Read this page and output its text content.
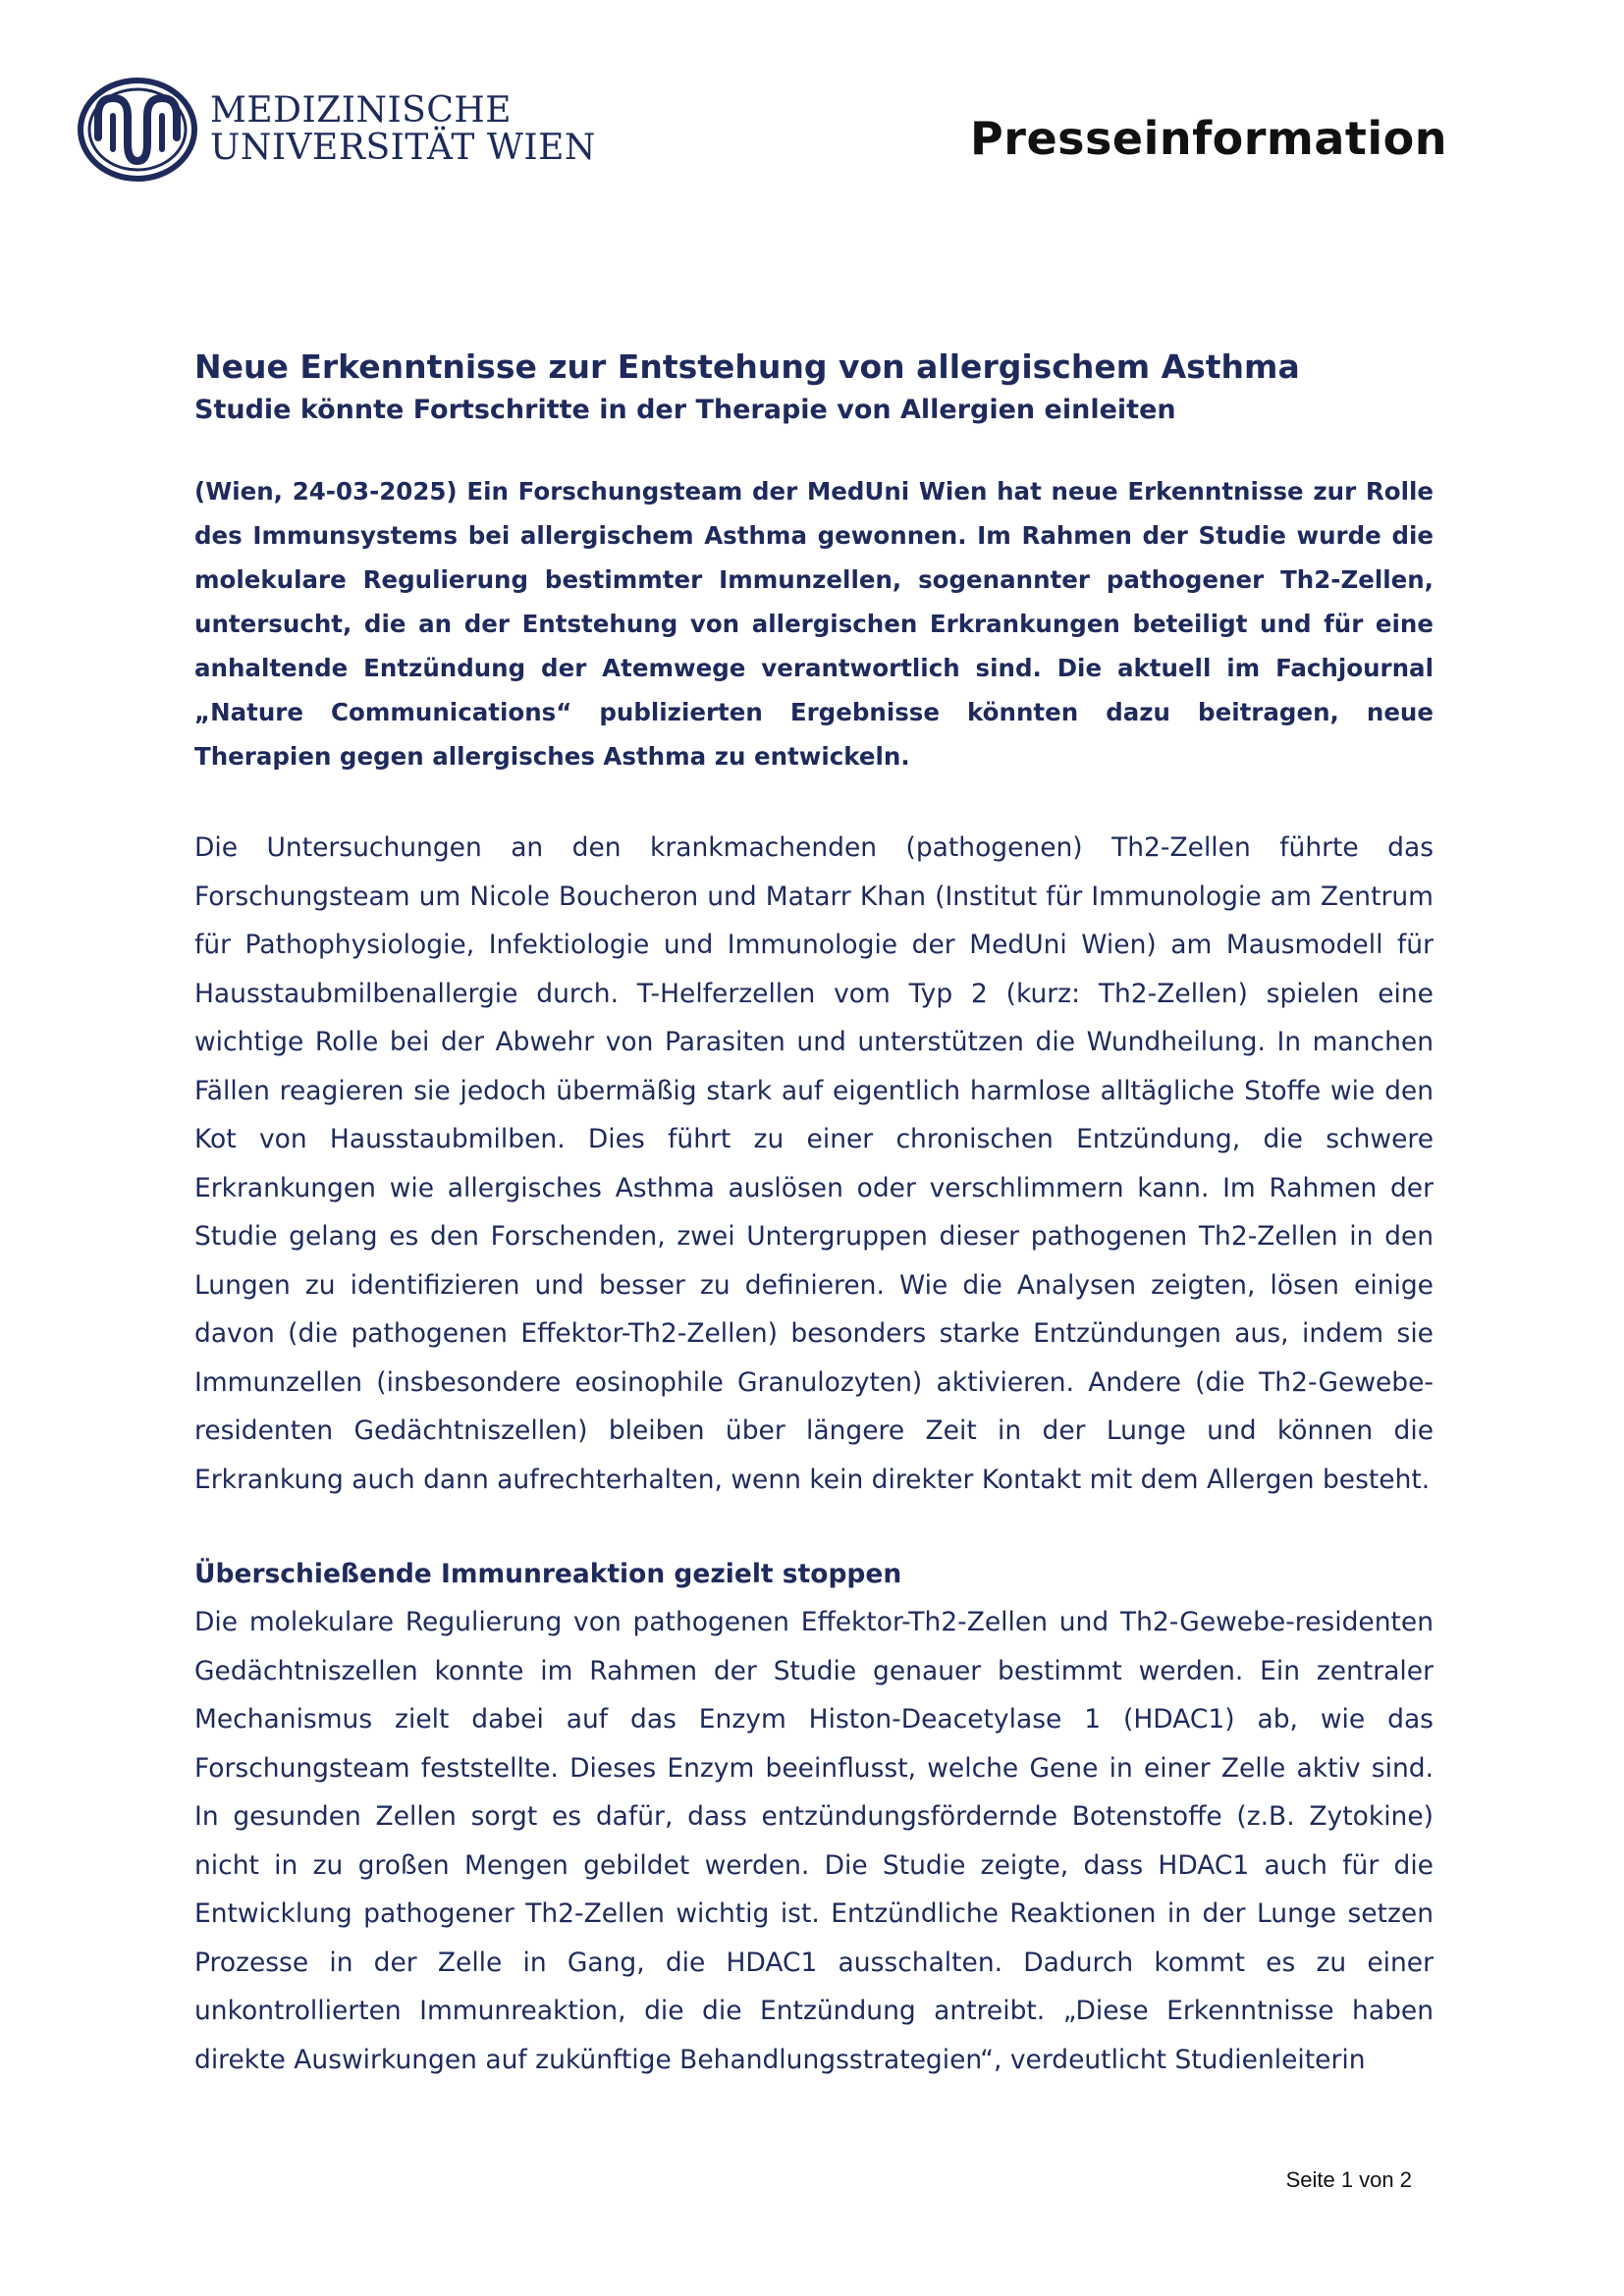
MEDIZINISCHE
UNIVERSITÄT WIEN	Presseinformation
Neue Erkenntnisse zur Entstehung von allergischem Asthma
Studie könnte Fortschritte in der Therapie von Allergien einleiten

(Wien, 24-03-2025) Ein Forschungsteam der MedUni Wien hat neue Erkenntnisse zur Rolle des Immunsystems bei allergischem Asthma gewonnen. Im Rahmen der Studie wurde die molekulare Regulierung bestimmter Immunzellen, sogenannter pathogener Th2-Zellen, untersucht, die an der Entstehung von allergischen Erkrankungen beteiligt und für eine anhaltende Entzündung der Atemwege verantwortlich sind. Die aktuell im Fachjournal „Nature Communications“ publizierten Ergebnisse könnten dazu beitragen, neue Therapien gegen allergisches Asthma zu entwickeln.

Die Untersuchungen an den krankmachenden (pathogenen) Th2-Zellen führte das Forschungsteam um Nicole Boucheron und Matarr Khan (Institut für Immunologie am Zentrum für Pathophysiologie, Infektiologie und Immunologie der MedUni Wien) am Mausmodell für Hausstaubmilbenallergie durch. T-Helferzellen vom Typ 2 (kurz: Th2-Zellen) spielen eine wichtige Rolle bei der Abwehr von Parasiten und unterstützen die Wundheilung. In manchen Fällen reagieren sie jedoch übermäßig stark auf eigentlich harmlose alltägliche Stoffe wie den Kot von Hausstaubmilben. Dies führt zu einer chronischen Entzündung, die schwere Erkrankungen wie allergisches Asthma auslösen oder verschlimmern kann. Im Rahmen der Studie gelang es den Forschenden, zwei Untergruppen dieser pathogenen Th2-Zellen in den Lungen zu identifizieren und besser zu definieren. Wie die Analysen zeigten, lösen einige davon (die pathogenen Effektor-Th2-Zellen) besonders starke Entzündungen aus, indem sie Immunzellen (insbesondere eosinophile Granulozyten) aktivieren. Andere (die Th2-Gewebe-residenten Gedächtniszellen) bleiben über längere Zeit in der Lunge und können die Erkrankung auch dann aufrechterhalten, wenn kein direkter Kontakt mit dem Allergen besteht.

Überschießende Immunreaktion gezielt stoppen

Die molekulare Regulierung von pathogenen Effektor-Th2-Zellen und Th2-Gewebe-residenten Gedächtniszellen konnte im Rahmen der Studie genauer bestimmt werden. Ein zentraler Mechanismus zielt dabei auf das Enzym Histon-Deacetylase 1 (HDAC1) ab, wie das Forschungsteam feststellte. Dieses Enzym beeinflusst, welche Gene in einer Zelle aktiv sind. In gesunden Zellen sorgt es dafür, dass entzündungsfördernde Botenstoffe (z.B. Zytokine) nicht in zu großen Mengen gebildet werden. Die Studie zeigte, dass HDAC1 auch für die Entwicklung pathogener Th2-Zellen wichtig ist. Entzündliche Reaktionen in der Lunge setzen Prozesse in der Zelle in Gang, die HDAC1 ausschalten. Dadurch kommt es zu einer unkontrollierten Immunreaktion, die die Entzündung antreibt. „Diese Erkenntnisse haben direkte Auswirkungen auf zukünftige Behandlungsstrategien“, verdeutlicht Studienleiterin

Seite 1 von 2
